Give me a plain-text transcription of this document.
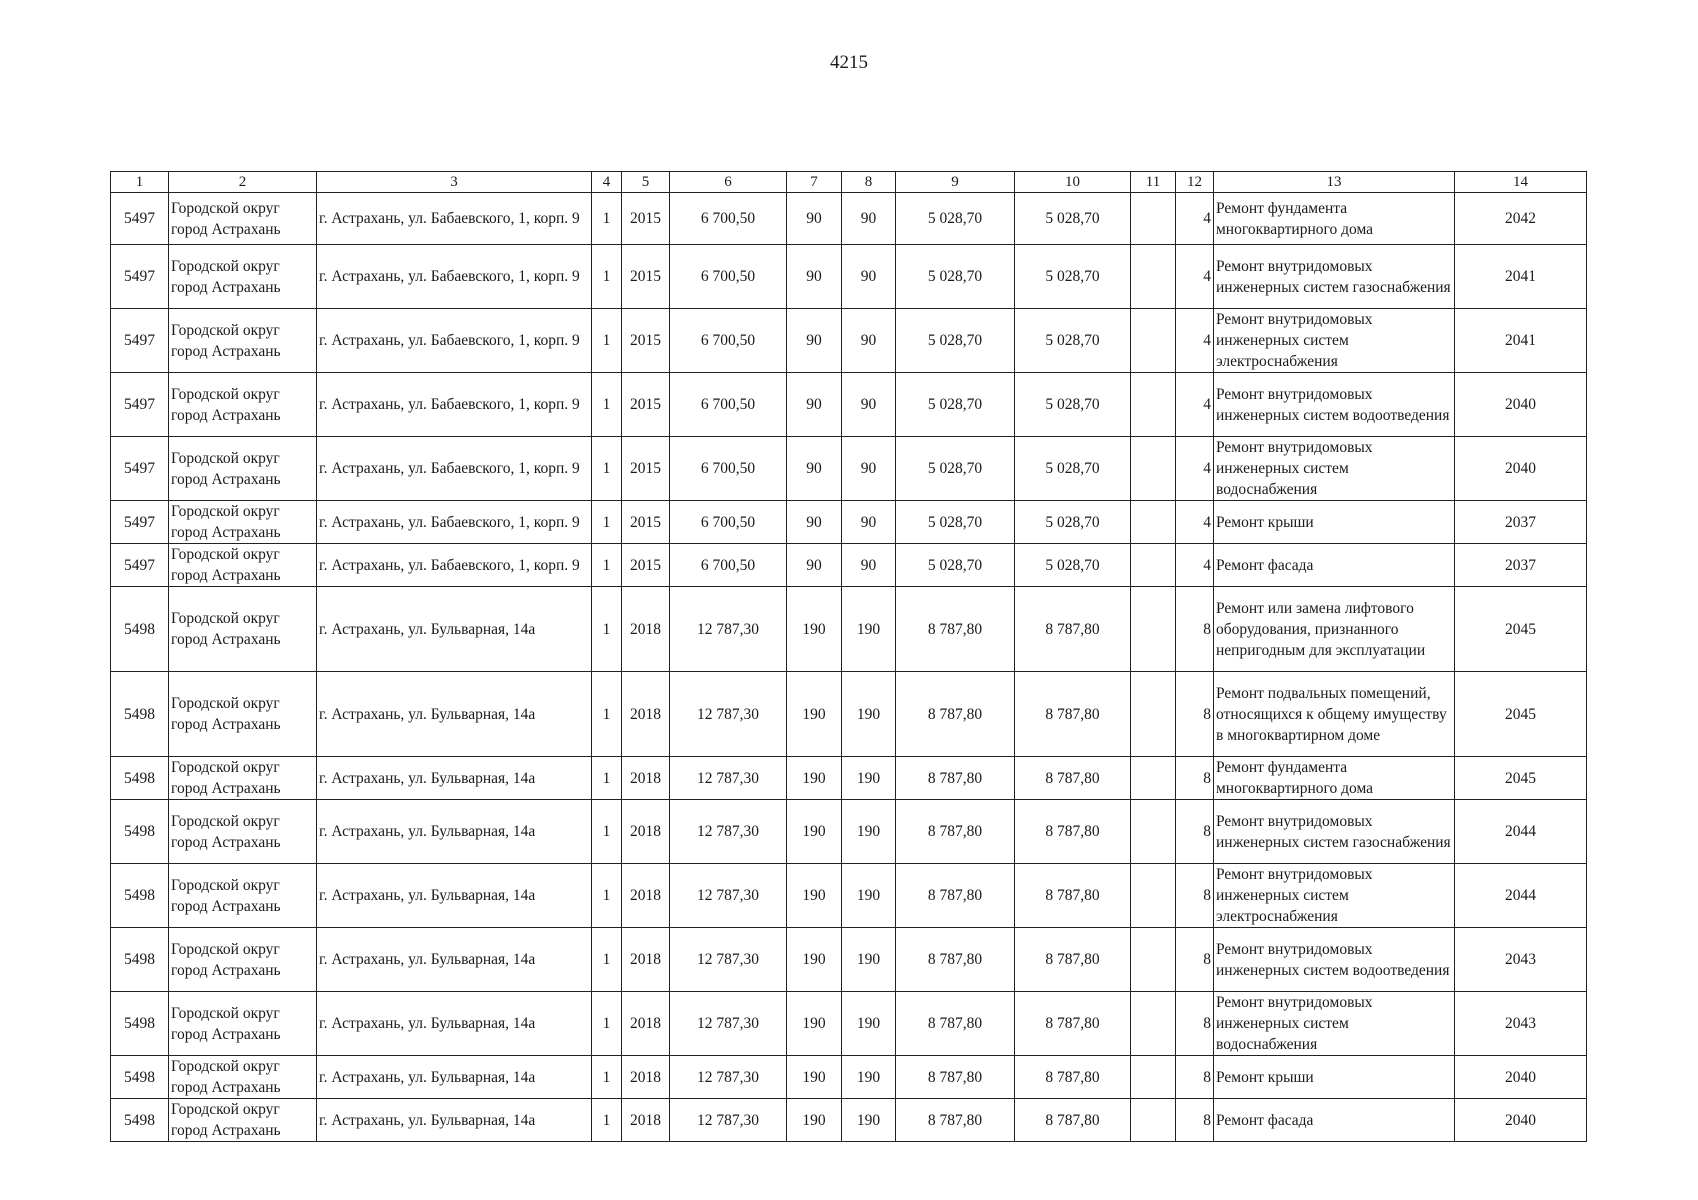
4215
1	2	3	4	5	6	7	8	9	10	11	12	13	14
5497	Городской округ город Астрахань	г. Астрахань, ул. Бабаевского, 1, корп. 9	1	2015	6 700,50	90	90	5 028,70	5 028,70		4	Ремонт фундамента многоквартирного дома	2042
5497	Городской округ город Астрахань	г. Астрахань, ул. Бабаевского, 1, корп. 9	1	2015	6 700,50	90	90	5 028,70	5 028,70		4	Ремонт внутридомовых инженерных систем газоснабжения	2041
5497	Городской округ город Астрахань	г. Астрахань, ул. Бабаевского, 1, корп. 9	1	2015	6 700,50	90	90	5 028,70	5 028,70		4	Ремонт внутридомовых инженерных систем электроснабжения	2041
5497	Городской округ город Астрахань	г. Астрахань, ул. Бабаевского, 1, корп. 9	1	2015	6 700,50	90	90	5 028,70	5 028,70		4	Ремонт внутридомовых инженерных систем водоотведения	2040
5497	Городской округ город Астрахань	г. Астрахань, ул. Бабаевского, 1, корп. 9	1	2015	6 700,50	90	90	5 028,70	5 028,70		4	Ремонт внутридомовых инженерных систем водоснабжения	2040
5497	Городской округ город Астрахань	г. Астрахань, ул. Бабаевского, 1, корп. 9	1	2015	6 700,50	90	90	5 028,70	5 028,70		4	Ремонт крыши	2037
5497	Городской округ город Астрахань	г. Астрахань, ул. Бабаевского, 1, корп. 9	1	2015	6 700,50	90	90	5 028,70	5 028,70		4	Ремонт фасада	2037
5498	Городской округ город Астрахань	г. Астрахань, ул. Бульварная, 14а	1	2018	12 787,30	190	190	8 787,80	8 787,80		8	Ремонт или замена лифтового оборудования, признанного непригодным для эксплуатации	2045
5498	Городской округ город Астрахань	г. Астрахань, ул. Бульварная, 14а	1	2018	12 787,30	190	190	8 787,80	8 787,80		8	Ремонт подвальных помещений, относящихся к общему имуществу в многоквартирном доме	2045
5498	Городской округ город Астрахань	г. Астрахань, ул. Бульварная, 14а	1	2018	12 787,30	190	190	8 787,80	8 787,80		8	Ремонт фундамента многоквартирного дома	2045
5498	Городской округ город Астрахань	г. Астрахань, ул. Бульварная, 14а	1	2018	12 787,30	190	190	8 787,80	8 787,80		8	Ремонт внутридомовых инженерных систем газоснабжения	2044
5498	Городской округ город Астрахань	г. Астрахань, ул. Бульварная, 14а	1	2018	12 787,30	190	190	8 787,80	8 787,80		8	Ремонт внутридомовых инженерных систем электроснабжения	2044
5498	Городской округ город Астрахань	г. Астрахань, ул. Бульварная, 14а	1	2018	12 787,30	190	190	8 787,80	8 787,80		8	Ремонт внутридомовых инженерных систем водоотведения	2043
5498	Городской округ город Астрахань	г. Астрахань, ул. Бульварная, 14а	1	2018	12 787,30	190	190	8 787,80	8 787,80		8	Ремонт внутридомовых инженерных систем водоснабжения	2043
5498	Городской округ город Астрахань	г. Астрахань, ул. Бульварная, 14а	1	2018	12 787,30	190	190	8 787,80	8 787,80		8	Ремонт крыши	2040
5498	Городской округ город Астрахань	г. Астрахань, ул. Бульварная, 14а	1	2018	12 787,30	190	190	8 787,80	8 787,80		8	Ремонт фасада	2040
